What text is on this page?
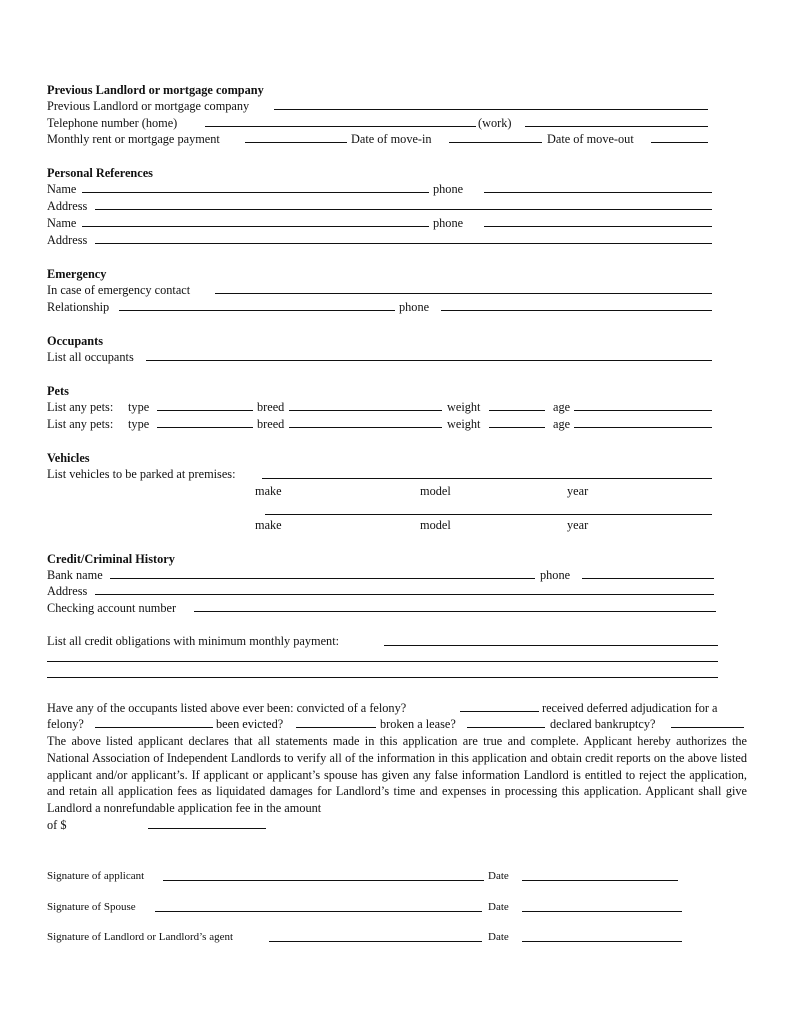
Previous Landlord or mortgage company
Previous Landlord or mortgage company
Telephone number (home)	(work)
Monthly rent or mortgage payment	Date of move-in	Date of move-out
Personal References
Name	phone
Address
Name	phone
Address
Emergency
In case of emergency contact
Relationship	phone
Occupants
List all occupants
Pets
List any pets: type	breed	weight	age
List any pets: type	breed	weight	age
Vehicles
List vehicles to be parked at premises:
make	model	year
make	model	year
Credit/Criminal History
Bank name	phone
Address
Checking account number
List all credit obligations with minimum monthly payment:
Have any of the occupants listed above ever been: convicted of a felony?	received deferred adjudication for a
felony?	been evicted?	broken a lease?	declared bankruptcy?
The above listed applicant declares that all statements made in this application are true and complete. Applicant hereby authorizes the National Association of Independent Landlords to verify all of the information in this application and obtain credit reports on the above listed applicant and/or applicant’s. If applicant or applicant’s spouse has given any false information Landlord is entitled to reject the application, and retain all application fees as liquidated damages for Landlord’s time and expenses in processing this application. Applicant shall give Landlord a nonrefundable application fee in the amount
of $
Signature of applicant	Date
Signature of Spouse	Date
Signature of Landlord or Landlord’s agent	Date
